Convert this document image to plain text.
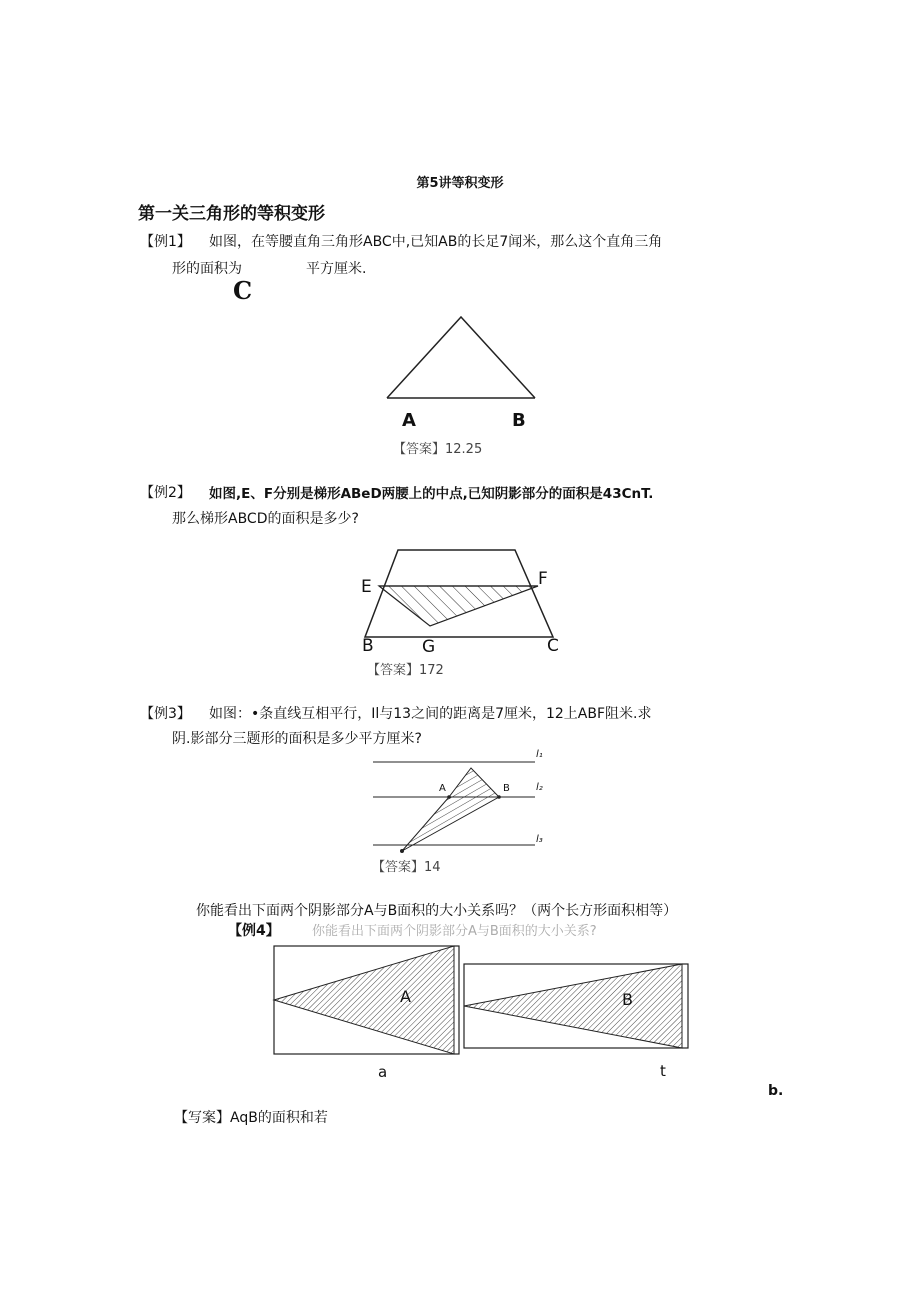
第5讲等积变形
第一关三角形的等积变形
【例1】 如图，在等腰直角三角形ABC中,已知AB的长足7闻米，那么这个直角三角
形的面积为	平方厘米.
C
A	B
【答案】12.25
【例2】 如图,E、F分别是梯形ABeD两腰上的中点,已知阴影部分的面积是43CnT.
那么梯形ABCD的面积是多少?
E	F
B	G	C
【答案】172
【例3】 如图：•条直线互相平行，Il与13之间的距离是7厘米，12上ABF阻米.求
阴.影部分三题形的面积是多少平方厘米?
A	B
l₁
l₂
l₃
【答案】14
你能看出下面两个阴影部分A与B面积的大小关系吗？（两个长方形面积相等）
【例4】 你能看出下面两个阴影部分A与B面积的大小关系?
A	B
a	t
b.
【写案】AqB的面积和若
